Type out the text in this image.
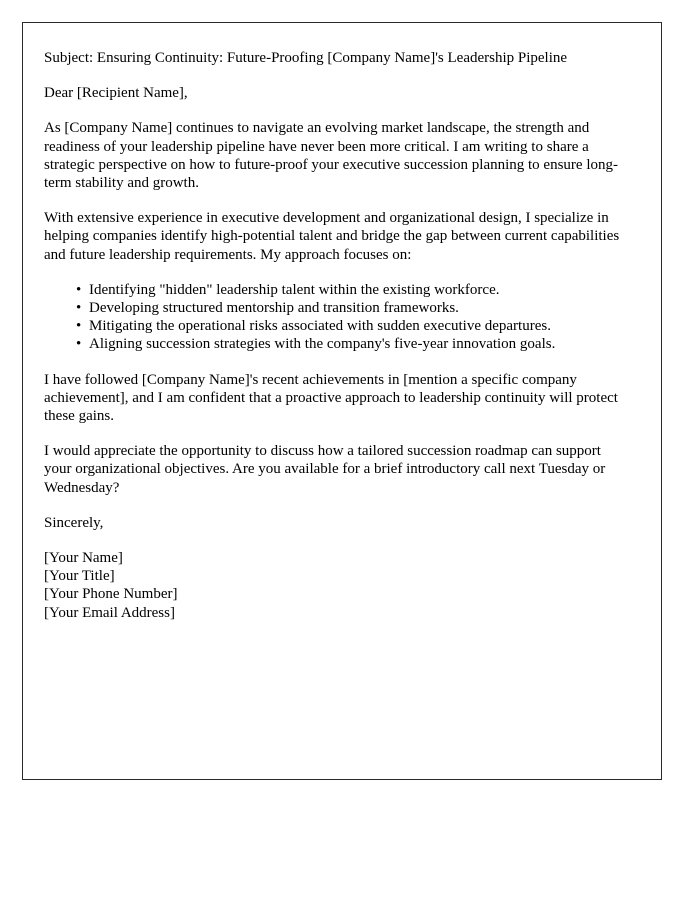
Subject: Ensuring Continuity: Future-Proofing [Company Name]'s Leadership Pipeline
Dear [Recipient Name],

As [Company Name] continues to navigate an evolving market landscape, the strength and readiness of your leadership pipeline have never been more critical. I am writing to share a strategic perspective on how to future-proof your executive succession planning to ensure long-term stability and growth.

With extensive experience in executive development and organizational design, I specialize in helping companies identify high-potential talent and bridge the gap between current capabilities and future leadership requirements. My approach focuses on:

• Identifying "hidden" leadership talent within the existing workforce.
• Developing structured mentorship and transition frameworks.
• Mitigating the operational risks associated with sudden executive departures.
• Aligning succession strategies with the company's five-year innovation goals.

I have followed [Company Name]'s recent achievements in [mention a specific company achievement], and I am confident that a proactive approach to leadership continuity will protect these gains.

I would appreciate the opportunity to discuss how a tailored succession roadmap can support your organizational objectives. Are you available for a brief introductory call next Tuesday or Wednesday?

Sincerely,
[Your Name]
[Your Title]
[Your Phone Number]
[Your Email Address]
